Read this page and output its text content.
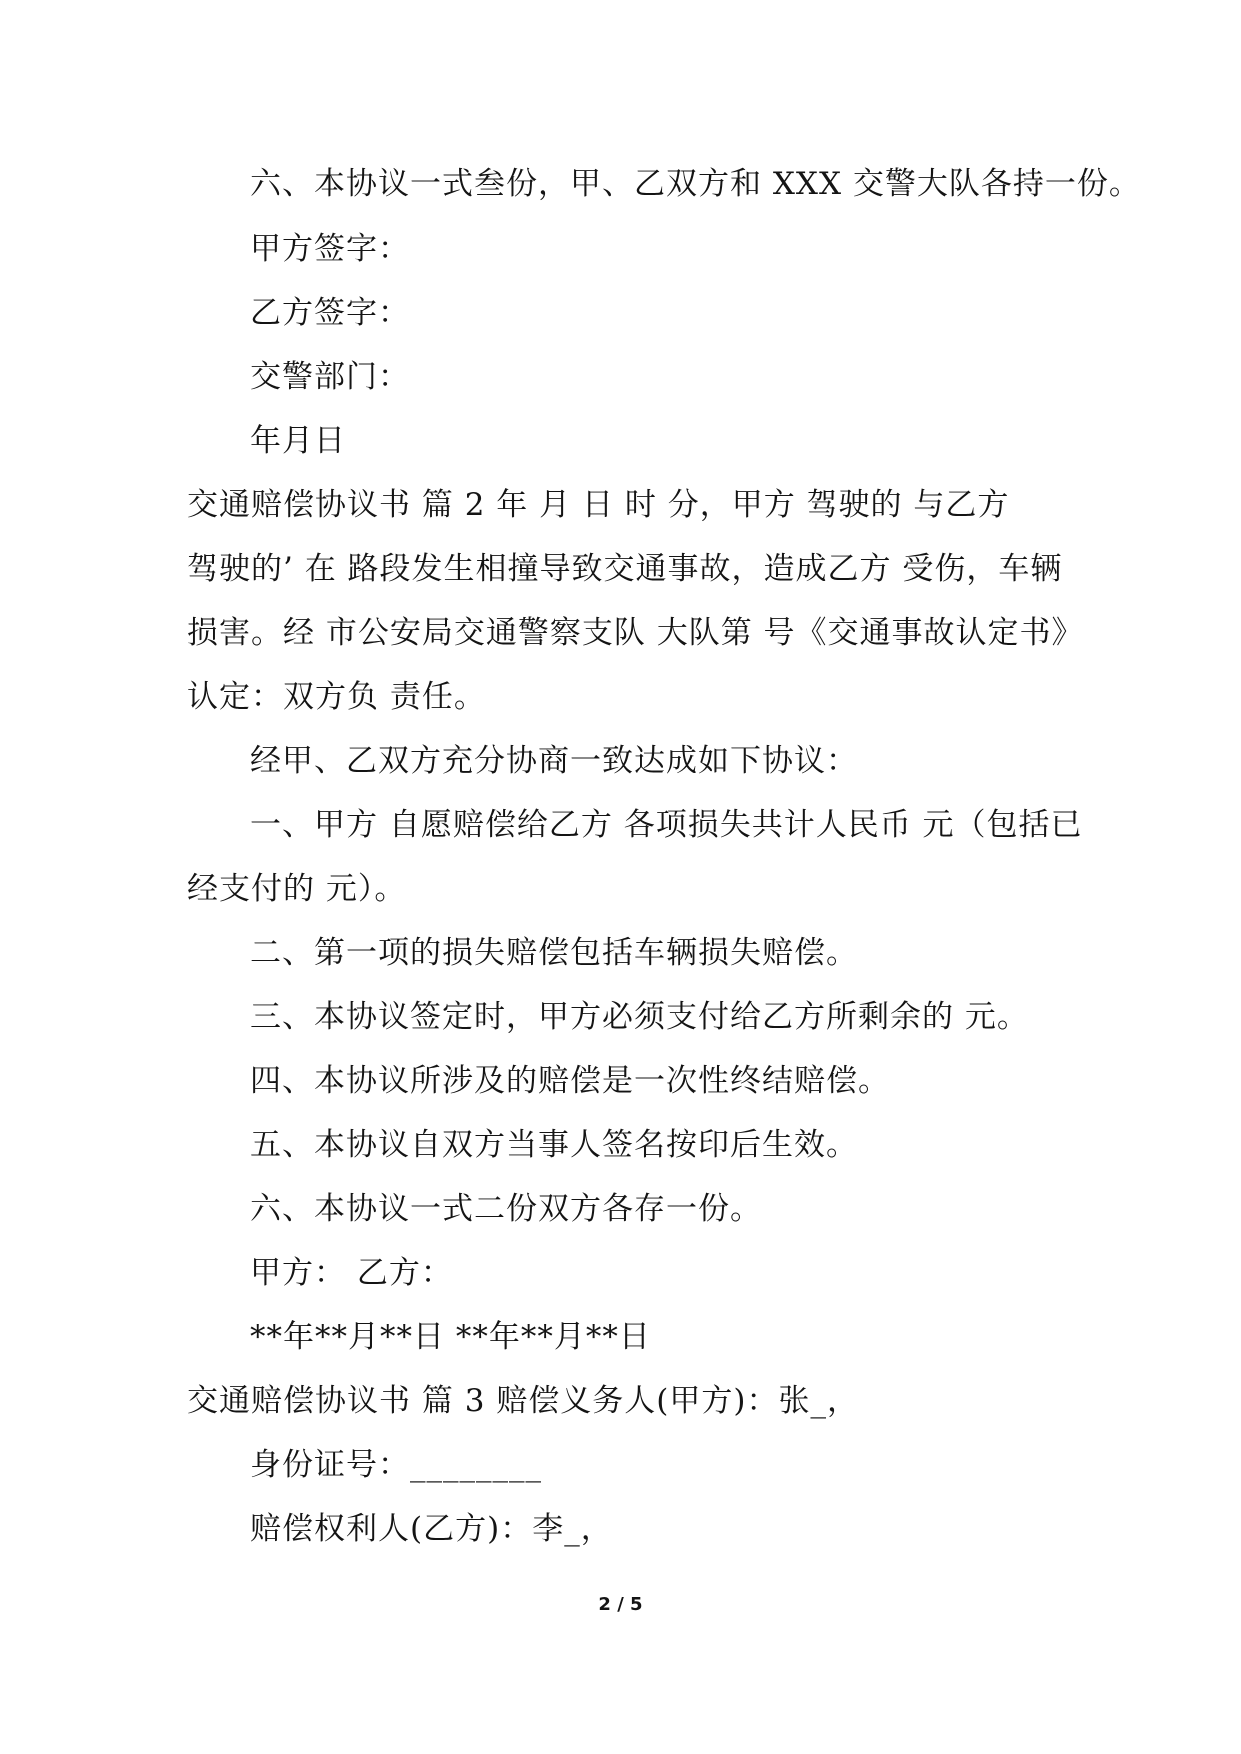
六、本协议一式叁份，甲、乙双方和 XXX 交警大队各持一份。
甲方签字：
乙方签字：
交警部门：
年月日
交通赔偿协议书 篇 2 年 月 日 时 分，甲方 驾驶的 与乙方
驾驶的’ 在 路段发生相撞导致交通事故，造成乙方 受伤，车辆
损害。经 市公安局交通警察支队 大队第 号《交通事故认定书》
认定：双方负 责任。
经甲、乙双方充分协商一致达成如下协议：
一、甲方 自愿赔偿给乙方 各项损失共计人民币 元（包括已
经支付的 元）。
二、第一项的损失赔偿包括车辆损失赔偿。
三、本协议签定时，甲方必须支付给乙方所剩余的 元。
四、本协议所涉及的赔偿是一次性终结赔偿。
五、本协议自双方当事人签名按印后生效。
六、本协议一式二份双方各存一份。
甲方： 乙方：
**年**月**日 **年**月**日
交通赔偿协议书 篇 3 赔偿义务人(甲方)：张_，
身份证号：________
赔偿权利人(乙方)：李_，
2 / 5
